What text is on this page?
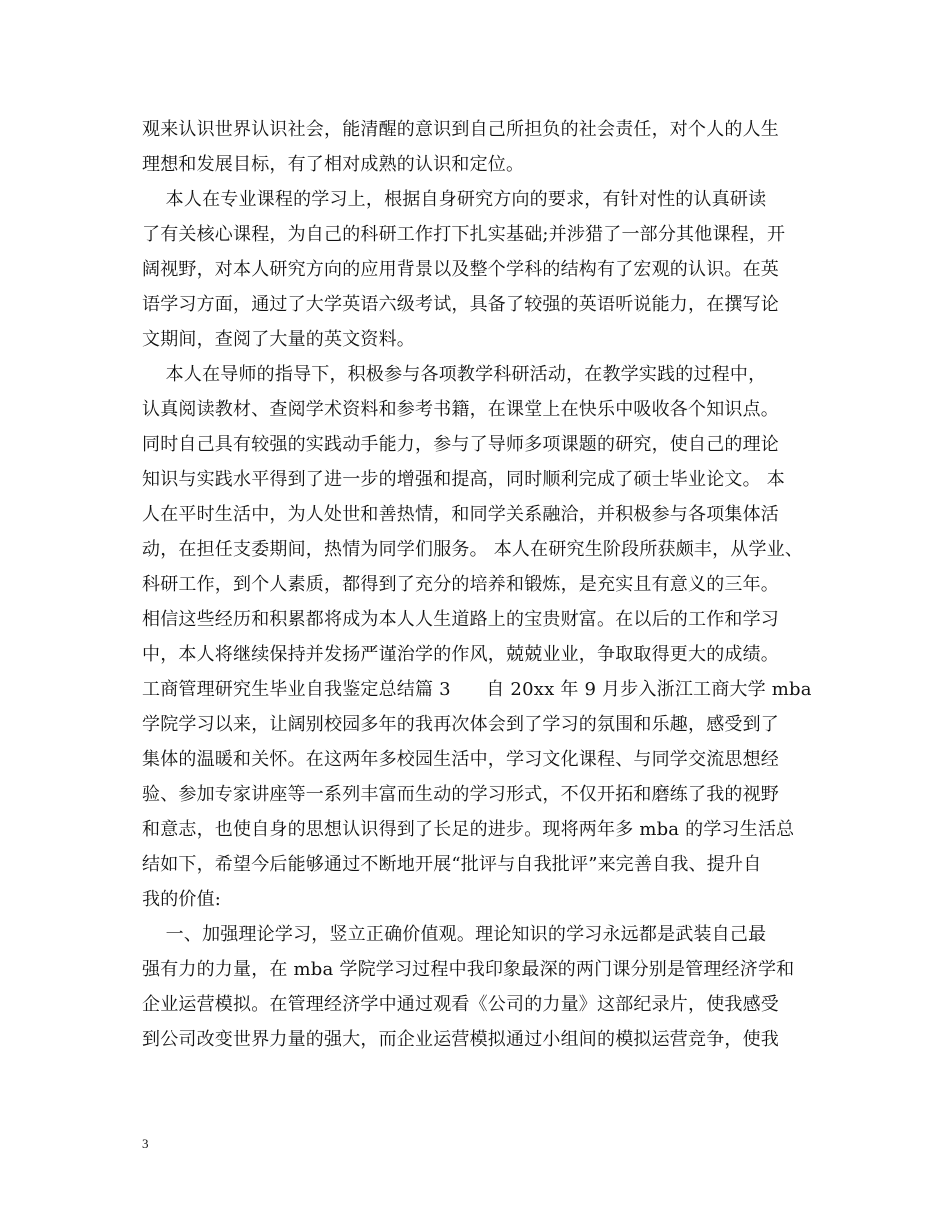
观来认识世界认识社会，能清醒的意识到自己所担负的社会责任，对个人的人生
理想和发展目标，有了相对成熟的认识和定位。
本人在专业课程的学习上，根据自身研究方向的要求，有针对性的认真研读
了有关核心课程，为自己的科研工作打下扎实基础;并涉猎了一部分其他课程，开
阔视野，对本人研究方向的应用背景以及整个学科的结构有了宏观的认识。在英
语学习方面，通过了大学英语六级考试，具备了较强的英语听说能力，在撰写论
文期间，查阅了大量的英文资料。
本人在导师的指导下，积极参与各项教学科研活动，在教学实践的过程中，
认真阅读教材、查阅学术资料和参考书籍，在课堂上在快乐中吸收各个知识点。
同时自己具有较强的实践动手能力，参与了导师多项课题的研究，使自己的理论
知识与实践水平得到了进一步的增强和提高，同时顺利完成了硕士毕业论文。 本
人在平时生活中，为人处世和善热情，和同学关系融洽，并积极参与各项集体活
动，在担任支委期间，热情为同学们服务。 本人在研究生阶段所获颇丰，从学业、
科研工作，到个人素质，都得到了充分的培养和锻炼，是充实且有意义的三年。
相信这些经历和积累都将成为本人人生道路上的宝贵财富。在以后的工作和学习
中，本人将继续保持并发扬严谨治学的作风，兢兢业业，争取取得更大的成绩。
工商管理研究生毕业自我鉴定总结篇 3      自 20xx 年 9 月步入浙江工商大学 mba
学院学习以来，让阔别校园多年的我再次体会到了学习的氛围和乐趣，感受到了
集体的温暖和关怀。在这两年多校园生活中，学习文化课程、与同学交流思想经
验、参加专家讲座等一系列丰富而生动的学习形式，不仅开拓和磨练了我的视野
和意志，也使自身的思想认识得到了长足的进步。现将两年多 mba 的学习生活总
结如下，希望今后能够通过不断地开展“批评与自我批评”来完善自我、提升自
我的价值:
一、加强理论学习，竖立正确价值观。理论知识的学习永远都是武装自己最
强有力的力量，在 mba 学院学习过程中我印象最深的两门课分别是管理经济学和
企业运营模拟。在管理经济学中通过观看《公司的力量》这部纪录片，使我感受
到公司改变世界力量的强大，而企业运营模拟通过小组间的模拟运营竞争，使我
3
